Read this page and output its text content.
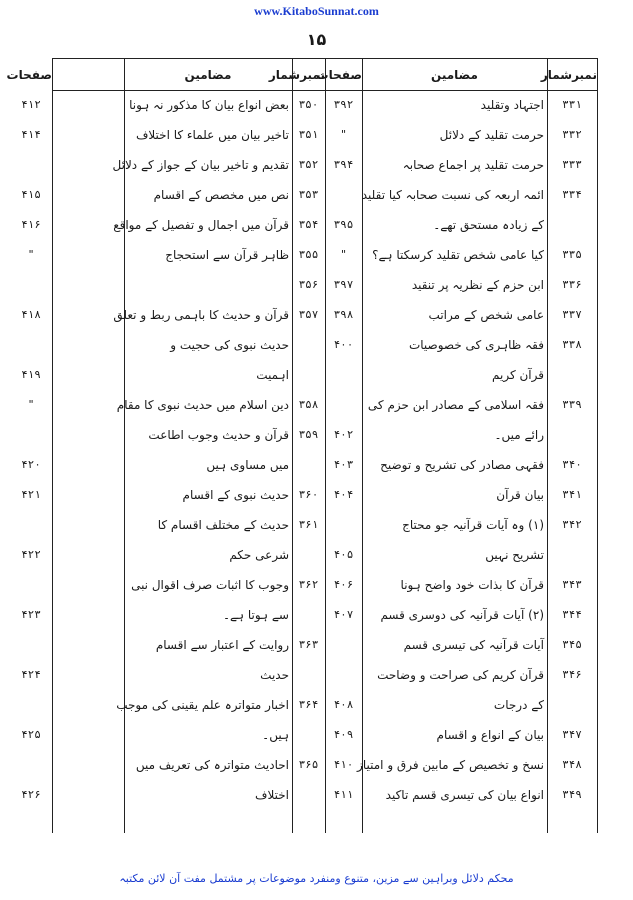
www.KitaboSunnat.com
۱۵
نمبرشمار
مضامین
صفحات
نمبرشمار
مضامین
صفحات
۳۳۱
اجتہاد وتقلید
۳۹۲
۳۳۲
حرمت تقلید کے دلائل
"
۳۳۳
حرمت تقلید پر اجماع صحابہ
۳۹۴
۳۳۴
ائمہ اربعہ کی نسبت صحابہ کیا تقلید
کے زیادہ مستحق تھے۔
۳۹۵
۳۳۵
کیا عامی شخص تقلید کرسکتا ہے؟
"
۳۳۶
ابن حزم کے نظریہ پر تنقید
۳۹۷
۳۳۷
عامی شخص کے مراتب
۳۹۸
۳۳۸
فقہ ظاہری کی خصوصیات
۴۰۰
قرآن کریم
۳۳۹
فقہ اسلامی کے مصادر ابن حزم کی
رائے میں۔
۴۰۲
۳۴۰
فقہی مصادر کی تشریح و توضیح
۴۰۳
۳۴۱
بیان قرآن
۴۰۴
۳۴۲
(۱) وہ آیات قرآنیہ جو محتاج
تشریح نہیں
۴۰۵
۳۴۳
قرآن کا بذات خود واضح ہونا
۴۰۶
۳۴۴
(۲) آیات قرآنیہ کی دوسری قسم
۴۰۷
۳۴۵
آیات قرآنیہ کی تیسری قسم
۳۴۶
قرآن کریم کی صراحت و وضاحت
کے درجات
۴۰۸
۳۴۷
بیان کے انواع و اقسام
۴۰۹
۳۴۸
نسخ و تخصیص کے مابین فرق و امتیاز
۴۱۰
۳۴۹
انواع بیان کی تیسری قسم تاکید
۴۱۱
۳۵۰
بعض انواع بیان کا مذکور نہ ہونا
۴۱۲
۳۵۱
تاخیر بیان میں علماء کا اختلاف
۴۱۴
۳۵۲
تقدیم و تاخیر بیان کے جواز کے دلائل
۳۵۳
نص میں مخصص کے اقسام
۴۱۵
۳۵۴
قرآن میں اجمال و تفصیل کے مواقع
۴۱۶
۳۵۵
ظاہر قرآن سے استحجاج
"
۳۵۶
۳۵۷
قرآن و حدیث کا باہمی ربط و تعلق
۴۱۸
حدیث نبوی کی حجیت و
اہمیت
۴۱۹
۳۵۸
دین اسلام میں حدیث نبوی کا مقام
"
۳۵۹
قرآن و حدیث وجوب اطاعت
میں مساوی ہیں
۴۲۰
۳۶۰
حدیث نبوی کے اقسام
۴۲۱
۳۶۱
حدیث کے مختلف اقسام کا
شرعی حکم
۴۲۲
۳۶۲
وجوب کا اثبات صرف اقوال نبی
سے ہوتا ہے۔
۴۲۳
۳۶۳
روایت کے اعتبار سے اقسام
حدیث
۴۲۴
۳۶۴
اخبار متواترہ علم یقینی کی موجب
ہیں۔
۴۲۵
۳۶۵
احادیث متواترہ کی تعریف میں
اختلاف
۴۲۶
محکم دلائل وبراہین سے مزین، متنوع ومنفرد موضوعات پر مشتمل مفت آن لائن مکتبہ
